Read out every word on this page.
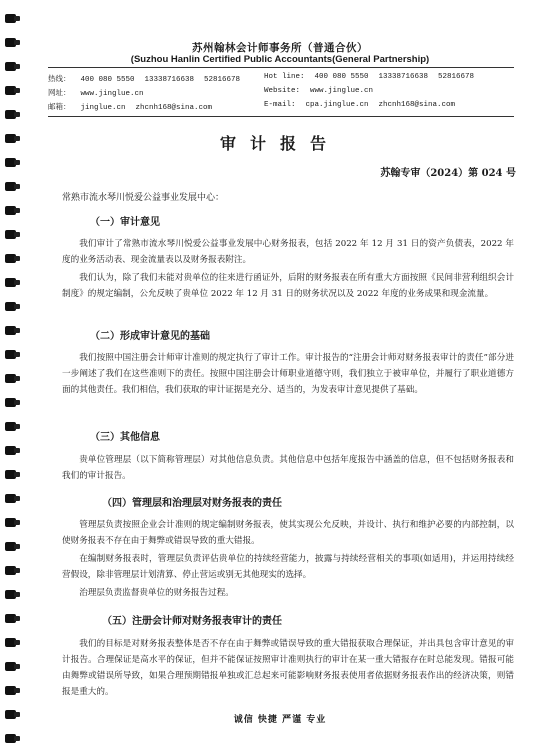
苏州翰林会计师事务所（普通合伙）
(Suzhou Hanlin Certified Public Accountants(General Partnership)
热线： 400 080 5550 13338716638 52816678
网址： www.jinglue.cn
邮箱： jinglue.cn zhcnh168@sina.com
Hot line: 400 080 5550 13338716638 52816678
Website: www.jinglue.cn
E-mail: cpa.jinglue.cn zhcnh168@sina.com
审计报告
苏翰专审（2024）第 024 号
常熟市流水琴川悦爱公益事业发展中心：
（一）审计意见

我们审计了常熟市流水琴川悦爱公益事业发展中心财务报表，包括 2022 年 12 月 31 日的资产负债表，2022 年度的业务活动表、现金流量表以及财务报表附注。

我们认为，除了我们未能对贵单位的往来进行函证外，后附的财务报表在所有重大方面按照《民间非营利组织会计制度》的规定编制，公允反映了贵单位 2022 年 12 月 31 日的财务状况以及 2022 年度的业务成果和现金流量。

（二）形成审计意见的基础

我们按照中国注册会计师审计准则的规定执行了审计工作。审计报告的“注册会计师对财务报表审计的责任”部分进一步阐述了我们在这些准则下的责任。按照中国注册会计师职业道德守则，我们独立于被审单位，并履行了职业道德方面的其他责任。我们相信，我们获取的审计证据是充分、适当的，为发表审计意见提供了基础。

（三）其他信息

贵单位管理层（以下简称管理层）对其他信息负责。其他信息中包括年度报告中涵盖的信息，但不包括财务报表和我们的审计报告。

（四）管理层和治理层对财务报表的责任

管理层负责按照企业会计准则的规定编制财务报表，使其实现公允反映，并设计、执行和维护必要的内部控制，以使财务报表不存在由于舞弊或错误导致的重大错报。

在编制财务报表时，管理层负责评估贵单位的持续经营能力，披露与持续经营相关的事项(如适用)，并运用持续经营假设，除非管理层计划清算、停止营运或别无其他现实的选择。

治理层负责监督贵单位的财务报告过程。

（五）注册会计师对财务报表审计的责任

我们的目标是对财务报表整体是否不存在由于舞弊或错误导致的重大错报获取合理保证，并出具包含审计意见的审计报告。合理保证是高水平的保证，但并不能保证按照审计准则执行的审计在某一重大错报存在时总能发现。错报可能由舞弊或错误所导致，如果合理预期错报单独或汇总起来可能影响财务报表使用者依据财务报表作出的经济决策，则错报是重大的。

诚信 快捷 严谨 专业
